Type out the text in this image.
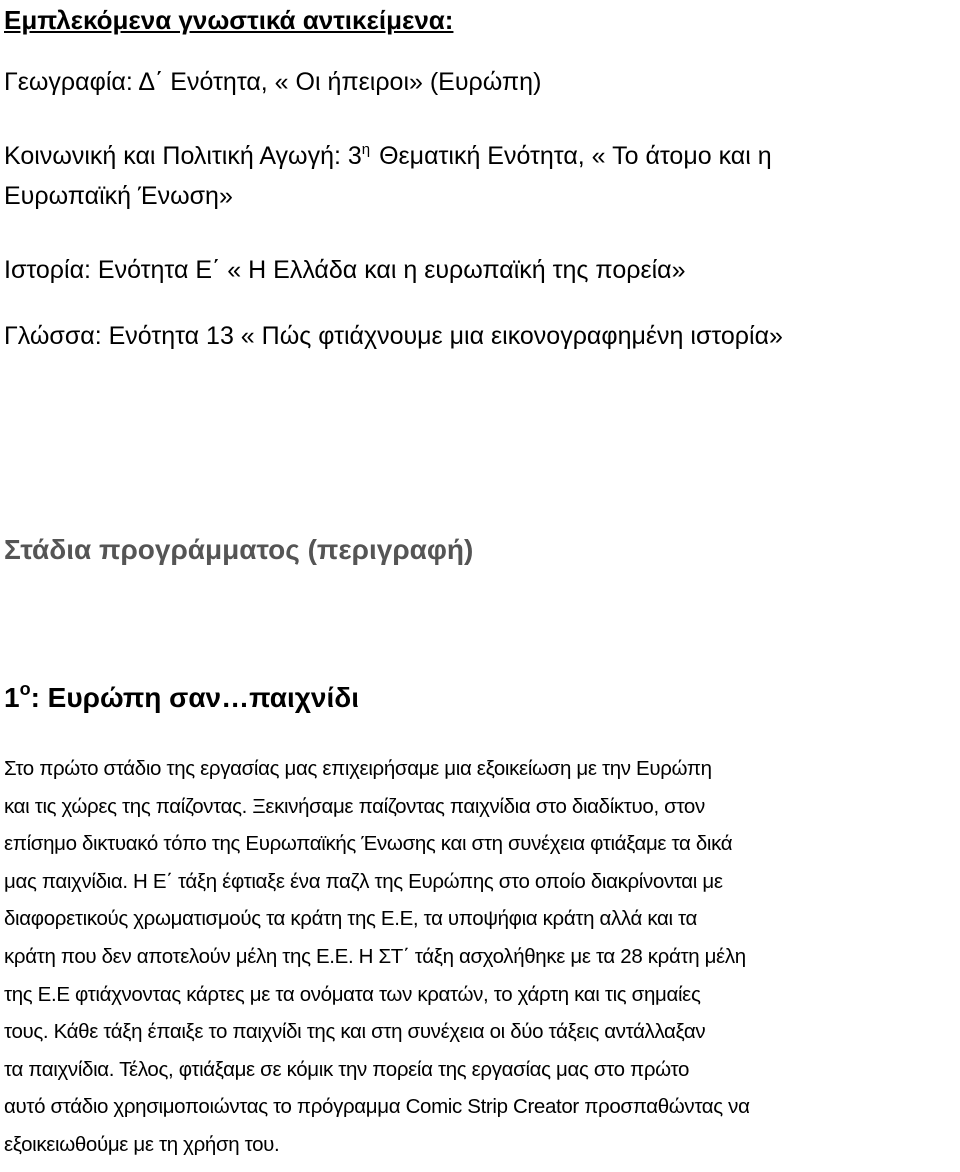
Εμπλεκόμενα γνωστικά αντικείμενα:
Γεωγραφία: Δ΄ Ενότητα, « Οι ήπειροι» (Ευρώπη)
Κοινωνική και Πολιτική Αγωγή: $3^\eta$ Θεματική Ενότητα, « Το άτομο και η
Ευρωπαϊκή Ένωση»
Ιστορία: Ενότητα Ε΄ « Η Ελλάδα και η ευρωπαϊκή της πορεία»
Γλώσσα: Ενότητα 13 « Πώς φτιάχνουμε μια εικονογραφημένη ιστορία»
Στάδια προγράμματος (περιγραφή)
$1^o$: Ευρώπη σαν…παιχνίδι
Στο πρώτο στάδιο της εργασίας μας επιχειρήσαμε μια εξοικείωση με την Ευρώπη
και τις χώρες της παίζοντας. Ξεκινήσαμε παίζοντας παιχνίδια στο διαδίκτυο, στον
επίσημο δικτυακό τόπο της Ευρωπαϊκής Ένωσης και στη συνέχεια φτιάξαμε τα δικά
μας παιχνίδια. Η Ε΄ τάξη έφτιαξε ένα παζλ της Ευρώπης στο οποίο διακρίνονται με
διαφορετικούς χρωματισμούς τα κράτη της Ε.Ε, τα υποψήφια κράτη αλλά και τα
κράτη που δεν αποτελούν μέλη της Ε.Ε. Η ΣΤ΄ τάξη ασχολήθηκε με τα 28 κράτη μέλη
της Ε.Ε φτιάχνοντας κάρτες με τα ονόματα των κρατών, το χάρτη και τις σημαίες
τους. Κάθε τάξη έπαιξε το παιχνίδι της και στη συνέχεια οι δύο τάξεις αντάλλαξαν
τα παιχνίδια. Τέλος, φτιάξαμε σε κόμικ την πορεία της εργασίας μας στο πρώτο
αυτό στάδιο χρησιμοποιώντας το πρόγραμμα Comic Strip Creator προσπαθώντας να
εξοικειωθούμε με τη χρήση του.
